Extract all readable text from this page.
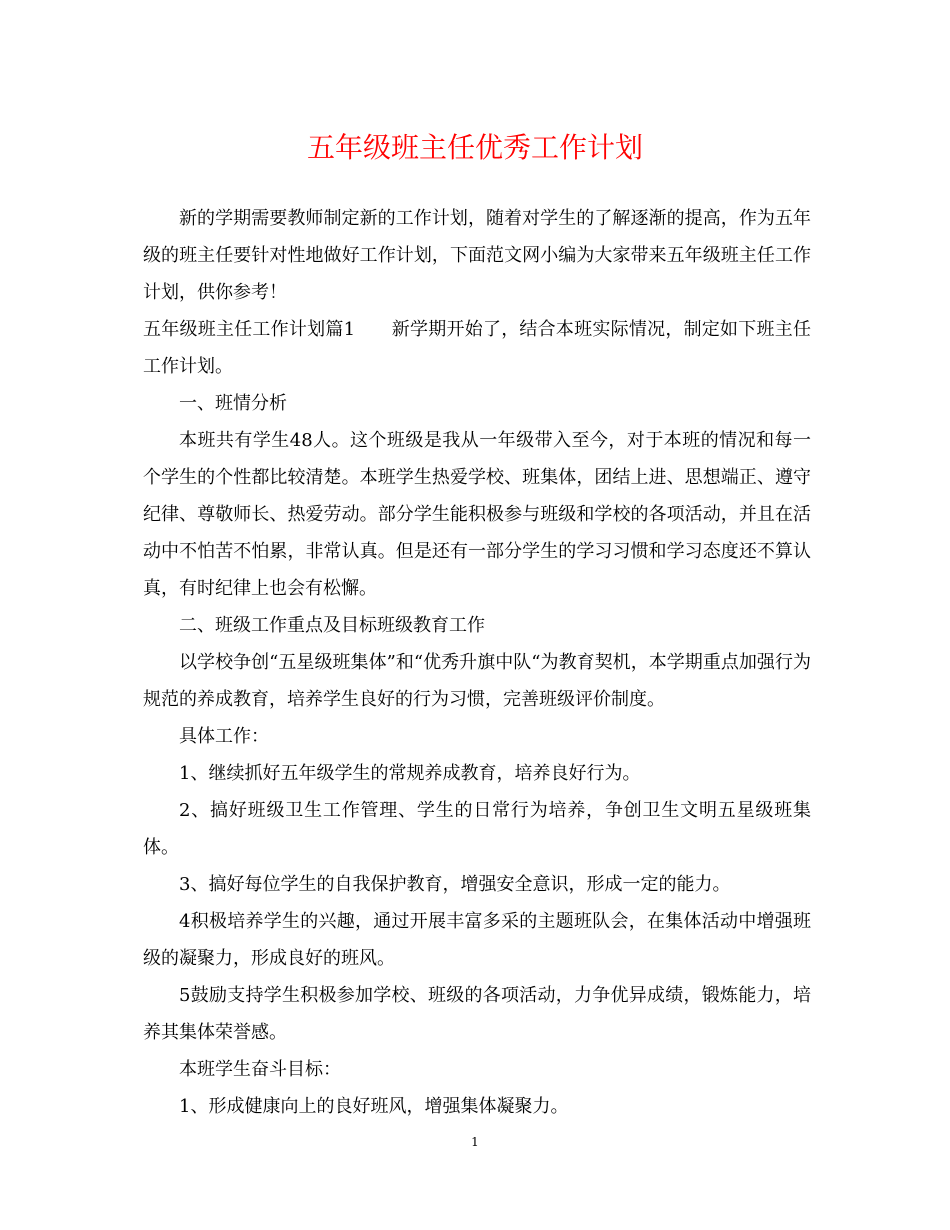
五年级班主任优秀工作计划

新的学期需要教师制定新的工作计划，随着对学生的了解逐渐的提高，作为五年级的班主任要针对性地做好工作计划，下面范文网小编为大家带来五年级班主任工作计划，供你参考！

五年级班主任工作计划篇1　　新学期开始了，结合本班实际情况，制定如下班主任工作计划。

一、班情分析

本班共有学生48人。这个班级是我从一年级带入至今，对于本班的情况和每一个学生的个性都比较清楚。本班学生热爱学校、班集体，团结上进、思想端正、遵守纪律、尊敬师长、热爱劳动。部分学生能积极参与班级和学校的各项活动，并且在活动中不怕苦不怕累，非常认真。但是还有一部分学生的学习习惯和学习态度还不算认真，有时纪律上也会有松懈。

二、班级工作重点及目标班级教育工作

以学校争创“五星级班集体”和“优秀升旗中队“为教育契机，本学期重点加强行为规范的养成教育，培养学生良好的行为习惯，完善班级评价制度。

具体工作：

1、继续抓好五年级学生的常规养成教育，培养良好行为。

2、搞好班级卫生工作管理、学生的日常行为培养，争创卫生文明五星级班集体。

3、搞好每位学生的自我保护教育，增强安全意识，形成一定的能力。

4积极培养学生的兴趣，通过开展丰富多采的主题班队会，在集体活动中增强班级的凝聚力，形成良好的班风。

5鼓励支持学生积极参加学校、班级的各项活动，力争优异成绩，锻炼能力，培养其集体荣誉感。

本班学生奋斗目标：

1、形成健康向上的良好班风，增强集体凝聚力。

1
